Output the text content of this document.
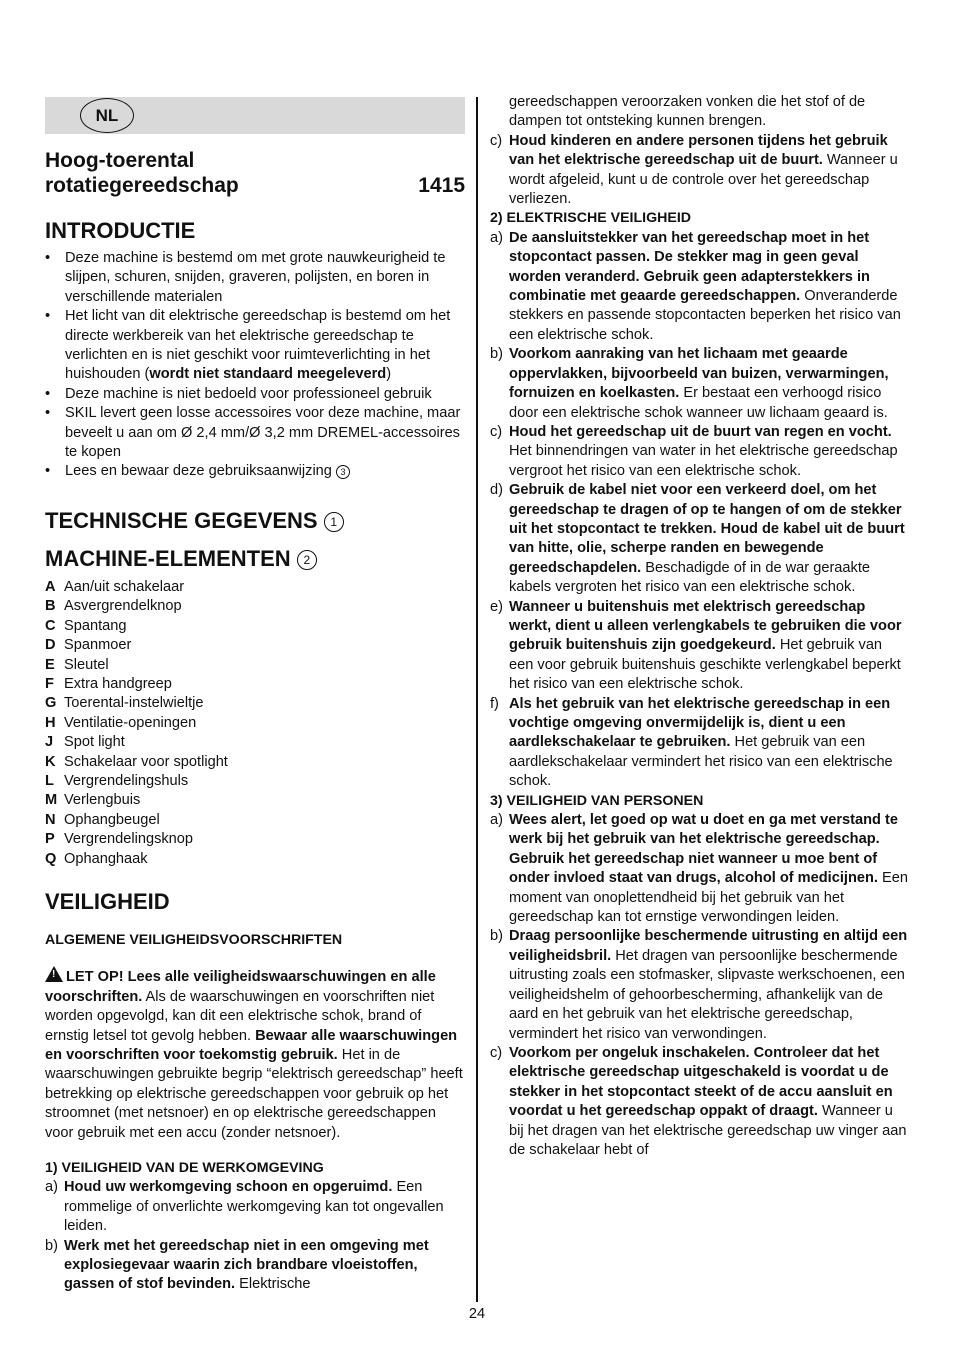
NL
Hoog-toerental
rotatiegereedschap	1415
INTRODUCTIE
• Deze machine is bestemd om met grote nauwkeurigheid te slijpen, schuren, snijden, graveren, polijsten, en boren in verschillende materialen
• Het licht van dit elektrische gereedschap is bestemd om het directe werkbereik van het elektrische gereedschap te verlichten en is niet geschikt voor ruimteverlichting in het huishouden (wordt niet standaard meegeleverd)
• Deze machine is niet bedoeld voor professioneel gebruik
• SKIL levert geen losse accessoires voor deze machine, maar beveelt u aan om Ø 2,4 mm/Ø 3,2 mm DREMEL-accessoires te kopen
• Lees en bewaar deze gebruiksaanwijzing 3
TECHNISCHE GEGEVENS 1
MACHINE-ELEMENTEN 2
A Aan/uit schakelaar
B Asvergrendelknop
C Spantang
D Spanmoer
E Sleutel
F Extra handgreep
G Toerental-instelwieltje
H Ventilatie-openingen
J Spot light
K Schakelaar voor spotlight
L Vergrendelingshuls
M Verlengbuis
N Ophangbeugel
P Vergrendelingsknop
Q Ophanghaak
VEILIGHEID
ALGEMENE VEILIGHEIDSVOORSCHRIFTEN
! LET OP! Lees alle veiligheidswaarschuwingen en alle voorschriften. Als de waarschuwingen en voorschriften niet worden opgevolgd, kan dit een elektrische schok, brand of ernstig letsel tot gevolg hebben. Bewaar alle waarschuwingen en voorschriften voor toekomstig gebruik. Het in de waarschuwingen gebruikte begrip “elektrisch gereedschap” heeft betrekking op elektrische gereedschappen voor gebruik op het stroomnet (met netsnoer) en op elektrische gereedschappen voor gebruik met een accu (zonder netsnoer).
1) VEILIGHEID VAN DE WERKOMGEVING
a) Houd uw werkomgeving schoon en opgeruimd. Een rommelige of onverlichte werkomgeving kan tot ongevallen leiden.
b) Werk met het gereedschap niet in een omgeving met explosiegevaar waarin zich brandbare vloeistoffen, gassen of stof bevinden. Elektrische
gereedschappen veroorzaken vonken die het stof of de dampen tot ontsteking kunnen brengen.
c) Houd kinderen en andere personen tijdens het gebruik van het elektrische gereedschap uit de buurt. Wanneer u wordt afgeleid, kunt u de controle over het gereedschap verliezen.
2) ELEKTRISCHE VEILIGHEID
a) De aansluitstekker van het gereedschap moet in het stopcontact passen. De stekker mag in geen geval worden veranderd. Gebruik geen adapterstekkers in combinatie met geaarde gereedschappen. Onveranderde stekkers en passende stopcontacten beperken het risico van een elektrische schok.
b) Voorkom aanraking van het lichaam met geaarde oppervlakken, bijvoorbeeld van buizen, verwarmingen, fornuizen en koelkasten. Er bestaat een verhoogd risico door een elektrische schok wanneer uw lichaam geaard is.
c) Houd het gereedschap uit de buurt van regen en vocht. Het binnendringen van water in het elektrische gereedschap vergroot het risico van een elektrische schok.
d) Gebruik de kabel niet voor een verkeerd doel, om het gereedschap te dragen of op te hangen of om de stekker uit het stopcontact te trekken. Houd de kabel uit de buurt van hitte, olie, scherpe randen en bewegende gereedschapdelen. Beschadigde of in de war geraakte kabels vergroten het risico van een elektrische schok.
e) Wanneer u buitenshuis met elektrisch gereedschap werkt, dient u alleen verlengkabels te gebruiken die voor gebruik buitenshuis zijn goedgekeurd. Het gebruik van een voor gebruik buitenshuis geschikte verlengkabel beperkt het risico van een elektrische schok.
f) Als het gebruik van het elektrische gereedschap in een vochtige omgeving onvermijdelijk is, dient u een aardlekschakelaar te gebruiken. Het gebruik van een aardlekschakelaar vermindert het risico van een elektrische schok.
3) VEILIGHEID VAN PERSONEN
a) Wees alert, let goed op wat u doet en ga met verstand te werk bij het gebruik van het elektrische gereedschap. Gebruik het gereedschap niet wanneer u moe bent of onder invloed staat van drugs, alcohol of medicijnen. Een moment van onoplettendheid bij het gebruik van het gereedschap kan tot ernstige verwondingen leiden.
b) Draag persoonlijke beschermende uitrusting en altijd een veiligheidsbril. Het dragen van persoonlijke beschermende uitrusting zoals een stofmasker, slipvaste werkschoenen, een veiligheidshelm of gehoorbescherming, afhankelijk van de aard en het gebruik van het elektrische gereedschap, vermindert het risico van verwondingen.
c) Voorkom per ongeluk inschakelen. Controleer dat het elektrische gereedschap uitgeschakeld is voordat u de stekker in het stopcontact steekt of de accu aansluit en voordat u het gereedschap oppakt of draagt. Wanneer u bij het dragen van het elektrische gereedschap uw vinger aan de schakelaar hebt of
24
